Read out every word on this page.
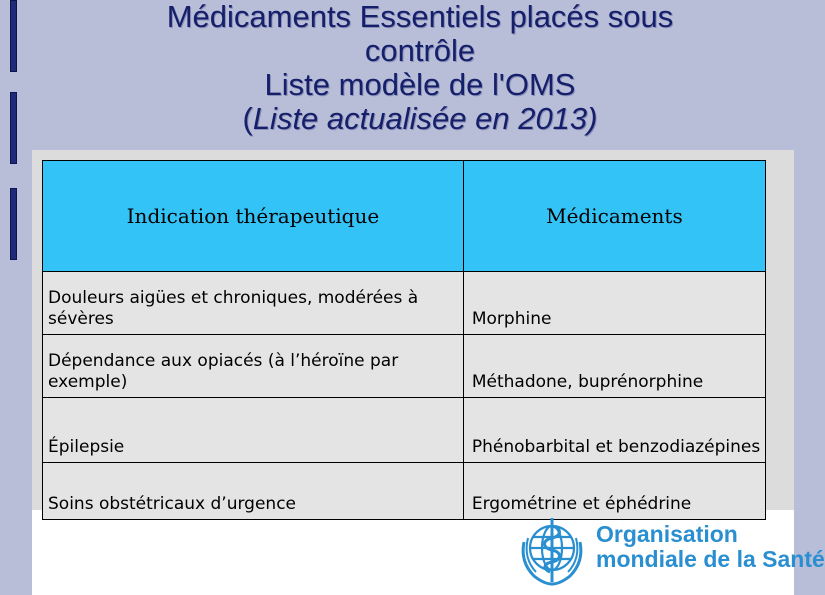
Médicaments Essentiels placés sous
contrôle
Liste modèle de l'OMS
(Liste actualisée en 2013)
Indication thérapeutique	Médicaments
Douleurs aigües et chroniques, modérées à sévères	Morphine
Dépendance aux opiacés (à l’héroïne par exemple)	Méthadone, buprénorphine
Épilepsie	Phénobarbital et benzodiazépines
Soins obstétricaux d’urgence	Ergométrine et éphédrine
Organisation
mondiale de la Santé
